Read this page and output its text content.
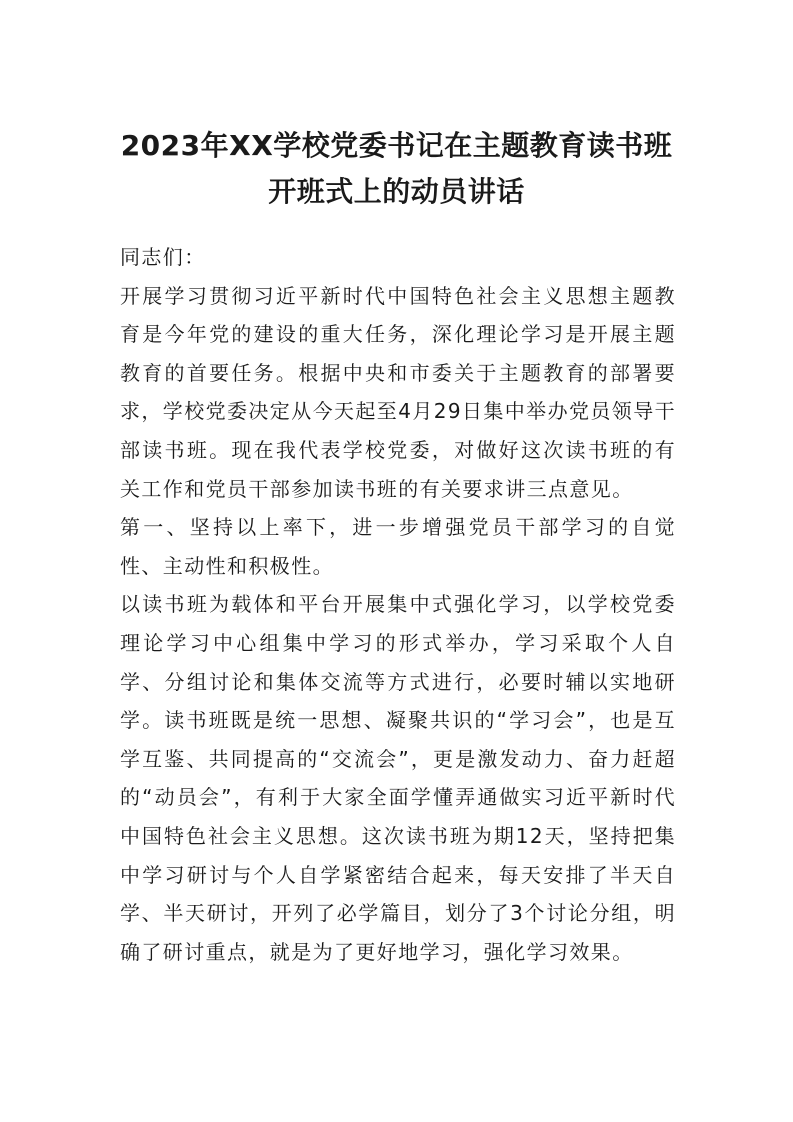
2023年XX学校党委书记在主题教育读书班
开班式上的动员讲话

同志们：

开展学习贯彻习近平新时代中国特色社会主义思想主题教育是今年党的建设的重大任务，深化理论学习是开展主题教育的首要任务。根据中央和市委关于主题教育的部署要求，学校党委决定从今天起至4月29日集中举办党员领导干部读书班。现在我代表学校党委，对做好这次读书班的有关工作和党员干部参加读书班的有关要求讲三点意见。

第一、坚持以上率下，进一步增强党员干部学习的自觉性、主动性和积极性。

以读书班为载体和平台开展集中式强化学习，以学校党委理论学习中心组集中学习的形式举办，学习采取个人自学、分组讨论和集体交流等方式进行，必要时辅以实地研学。读书班既是统一思想、凝聚共识的“学习会”，也是互学互鉴、共同提高的“交流会”，更是激发动力、奋力赶超的“动员会”，有利于大家全面学懂弄通做实习近平新时代中国特色社会主义思想。这次读书班为期12天，坚持把集中学习研讨与个人自学紧密结合起来，每天安排了半天自学、半天研讨，开列了必学篇目，划分了3个讨论分组，明确了研讨重点，就是为了更好地学习，强化学习效果。
